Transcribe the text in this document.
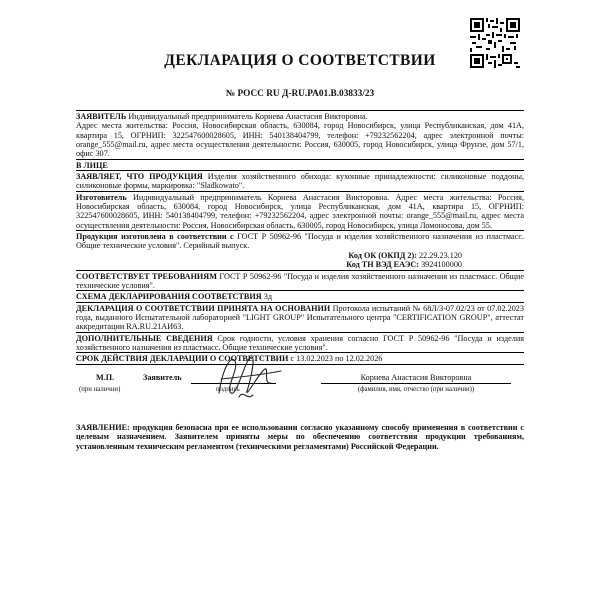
ДЕКЛАРАЦИЯ О СООТВЕТСТВИИ
№ РОСС RU Д-RU.PA01.B.03833/23
ЗАЯВИТЕЛЬ Индивидуальный предприниматель Корнева Анастасия Викторовна.
Адрес места жительства: Россия, Новосибирская область, 630084, город Новосибирск, улица Республиканская, дом 41А, квартира 15, ОГРНИП: 322547600028605, ИНН: 540138404799, телефон: +79232562204, адрес электронной почты: orange_555@mail.ru, адрес места осуществления деятельности: Россия, 630005, город Новосибирск, улица Фрунзе, дом 57/1, офис 307.
В ЛИЦЕ
ЗАЯВЛЯЕТ, ЧТО ПРОДУКЦИЯ Изделия хозяйственного обихода: кухонные принадлежности: силиконовые поддоны, силиконовые формы, маркировка: "Sladkowato".
Изготовитель Индивидуальный предприниматель Корнева Анастасия Викторовна. Адрес места жительства: Россия, Новосибирская область, 630084, город Новосибирск, улица Республиканская, дом 41А, квартира 15, ОГРНИП: 322547600028605, ИНН: 540138404799, телефон: +79232562204, адрес электронной почты: orange_555@mail.ru, адрес места осуществления деятельности: Россия, Новосибирская область, 630005, город Новосибирск, улица Ломоносова, дом 55.
Продукция изготовлена в соответствии с ГОСТ Р 50962-96 "Посуда и изделия хозяйственного назначения из пластмасс. Общие технические условия". Серийный выпуск.
Код ОК (ОКПД 2): 22.29.23.120
Код ТН ВЭД ЕАЭС: 3924100000
СООТВЕТСТВУЕТ ТРЕБОВАНИЯМ ГОСТ Р 50962-96 "Посуда и изделия хозяйственного назначения из пластмасс. Общие технические условия".
СХЕМА ДЕКЛАРИРОВАНИЯ СООТВЕТСТВИЯ 3д
ДЕКЛАРАЦИЯ О СООТВЕТСТВИИ ПРИНЯТА НА ОСНОВАНИИ Протокола испытаний № 68Л/3-07.02/23 от 07.02.2023 года, выданного Испытательной лабораторией "LIGHT GROUP" Испытательного центра "CERTIFICATION GROUP", аттестат аккредитации RA.RU.21AИ63.
ДОПОЛНИТЕЛЬНЫЕ СВЕДЕНИЯ Срок годности, условия хранения согласно ГОСТ Р 50962-96 "Посуда и изделия хозяйственного назначения из пластмасс. Общие технические условия".
СРОК ДЕЙСТВИЯ ДЕКЛАРАЦИИ О СООТВЕТСТВИИ с 13.02.2023 по 12.02.2026
М.П.
(при наличии)
Заявитель
подпись
Корнева Анастасия Викторовна
(фамилия, имя, отчество (при наличии))
ЗАЯВЛЕНИЕ: продукция безопасна при ее использовании согласно указанному способу применения в соответствии с целевым назначением. Заявителем приняты меры по обеспечению соответствия продукции требованиям, установленным техническим регламентом (техническими регламентами) Российской Федерации.
